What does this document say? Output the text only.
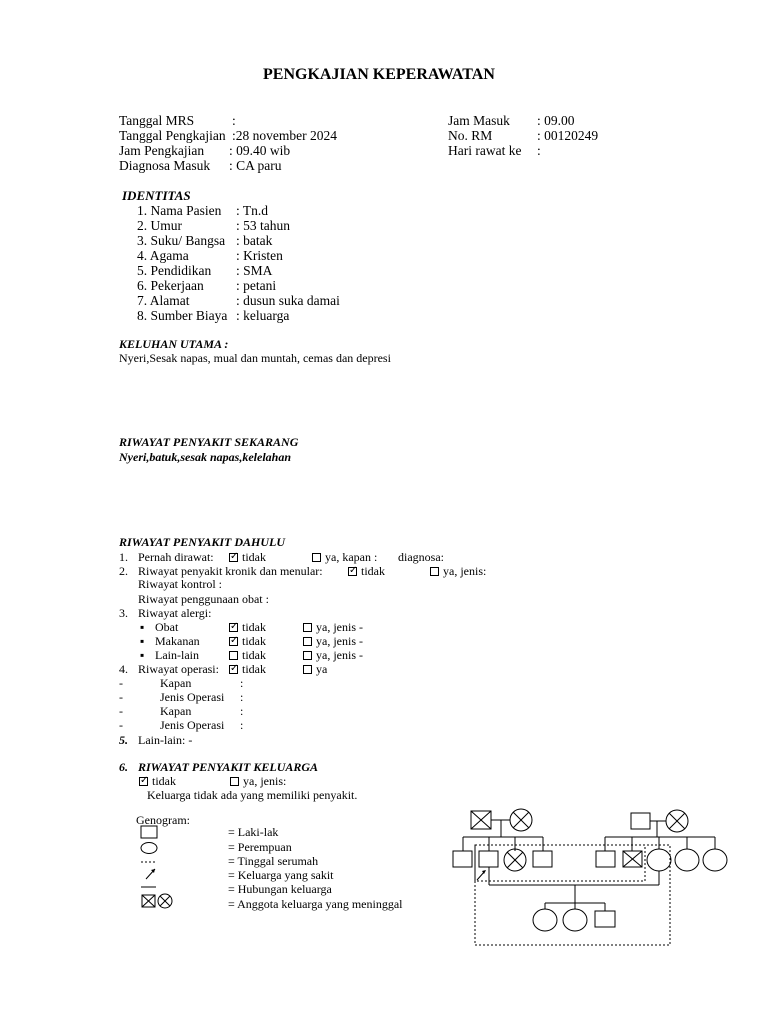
PENGKAJIAN KEPERAWATAN
Tanggal MRS	:
Tanggal Pengkajian :28 november 2024
Jam Pengkajian : 09.40 wib
Diagnosa Masuk : CA paru
Jam Masuk : 09.00
No. RM	: 00120249
Hari rawat ke :
IDENTITAS
1. Nama Pasien : Tn.d
2. Umur	: 53 tahun
3. Suku/ Bangsa : batak
4. Agama	: Kristen
5. Pendidikan : SMA
6. Pekerjaan : petani
7. Alamat	: dusun suka damai
8. Sumber Biaya : keluarga
KELUHAN UTAMA :
Nyeri,Sesak napas, mual dan muntah, cemas dan depresi
RIWAYAT PENYAKIT SEKARANG
Nyeri,batuk,sesak napas,kelelahan
RIWAYAT PENYAKIT DAHULU
1. Pernah dirawat: ✓	tidak	ya, kapan : diagnosa:
2. Riwayat penyakit kronik dan menular: ✓	tidak	ya, jenis:
Riwayat kontrol :
Riwayat penggunaan obat :
3. Riwayat alergi:
▪ Obat ✓	tidak	ya, jenis -
▪ Makanan ✓	tidak	ya, jenis -
▪ Lain-lain	tidak	ya, jenis -
4. Riwayat operasi: ✓	tidak	ya
-	Kapan	:
-	Jenis Operasi :
-	Kapan	:
-	Jenis Operasi :
5. Lain-lain: -
6. RIWAYAT PENYAKIT KELUARGA
✓tidak	ya, jenis:
Keluarga tidak ada yang memiliki penyakit.
Genogram:
= Laki-lak
= Perempuan
= Tinggal serumah
= Keluarga yang sakit
= Hubungan keluarga
= Anggota keluarga yang meninggal
